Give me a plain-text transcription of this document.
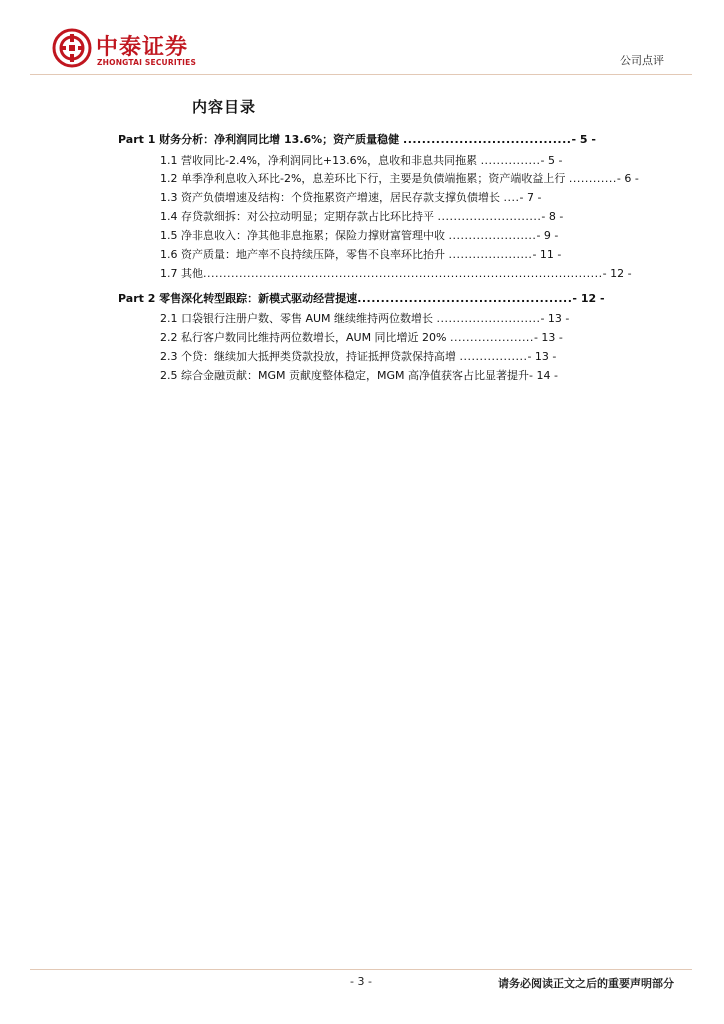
中泰证券
ZHONGTAI SECURITIES	公司点评
内容目录
Part 1 财务分析：净利润同比增 13.6%；资产质量稳健 ....................................- 5 -
1.1 营收同比-2.4%，净利润同比+13.6%，息收和非息共同拖累 ...............- 5 -
1.2 单季净利息收入环比-2%，息差环比下行，主要是负债端拖累；资产端收益上行 ............- 6 -
1.3 资产负债增速及结构：个贷拖累资产增速，居民存款支撑负债增长 ....- 7 -
1.4 存贷款细拆：对公拉动明显；定期存款占比环比持平 ..........................- 8 -
1.5 净非息收入：净其他非息拖累；保险力撑财富管理中收 ......................- 9 -
1.6 资产质量：地产率不良持续压降，零售不良率环比抬升 .....................- 11 -
1.7 其他....................................................................................................- 12 -
Part 2 零售深化转型跟踪：新模式驱动经营提速..............................................- 12 -
2.1 口袋银行注册户数、零售 AUM 继续维持两位数增长 ..........................- 13 -
2.2 私行客户数同比维持两位数增长，AUM 同比增近 20% .....................- 13 -
2.3 个贷：继续加大抵押类贷款投放，持证抵押贷款保持高增 .................- 13 -
2.5 综合金融贡献：MGM 贡献度整体稳定，MGM 高净值获客占比显著提升- 14 -
- 3 -	请务必阅读正文之后的重要声明部分
